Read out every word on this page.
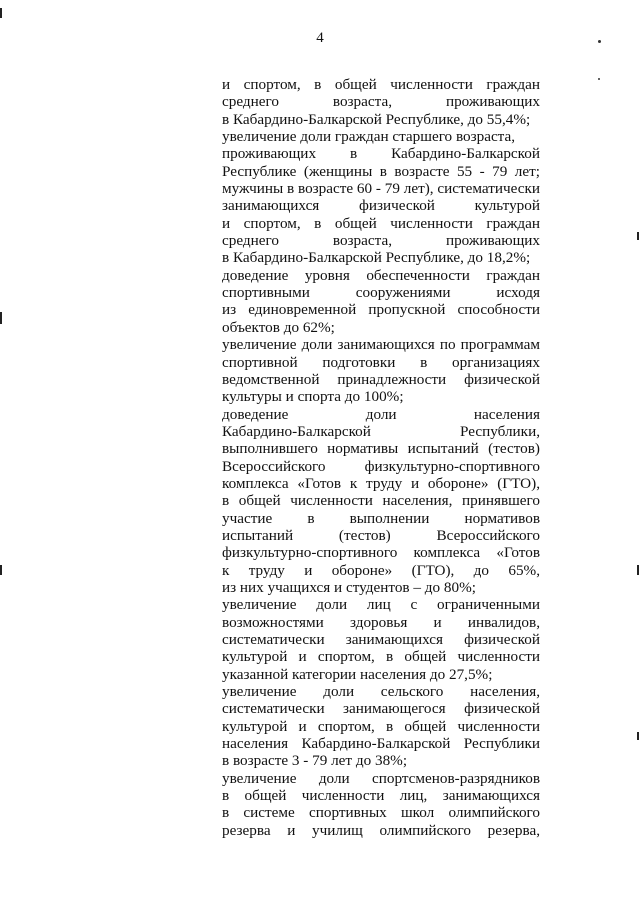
4
и спортом, в общей численности граждан
среднего возраста, проживающих
в Кабардино-Балкарской Республике, до 55,4%;
увеличение доли граждан старшего возраста,
проживающих в Кабардино-Балкарской
Республике (женщины в возрасте 55 - 79 лет;
мужчины в возрасте 60 - 79 лет), систематически
занимающихся физической культурой
и спортом, в общей численности граждан
среднего возраста, проживающих
в Кабардино-Балкарской Республике, до 18,2%;
доведение уровня обеспеченности граждан
спортивными сооружениями исходя
из единовременной пропускной способности
объектов до 62%;
увеличение доли занимающихся по программам
спортивной подготовки в организациях
ведомственной принадлежности физической
культуры и спорта до 100%;
доведение доли населения
Кабардино-Балкарской Республики,
выполнившего нормативы испытаний (тестов)
Всероссийского физкультурно-спортивного
комплекса «Готов к труду и обороне» (ГТО),
в общей численности населения, принявшего
участие в выполнении нормативов
испытаний (тестов) Всероссийского
физкультурно-спортивного комплекса «Готов
к труду и обороне» (ГТО), до 65%,
из них учащихся и студентов – до 80%;
увеличение доли лиц с ограниченными
возможностями здоровья и инвалидов,
систематически занимающихся физической
культурой и спортом, в общей численности
указанной категории населения до 27,5%;
увеличение доли сельского населения,
систематически занимающегося физической
культурой и спортом, в общей численности
населения Кабардино-Балкарской Республики
в возрасте 3 - 79 лет до 38%;
увеличение доли спортсменов-разрядников
в общей численности лиц, занимающихся
в системе спортивных школ олимпийского
резерва и училищ олимпийского резерва,
